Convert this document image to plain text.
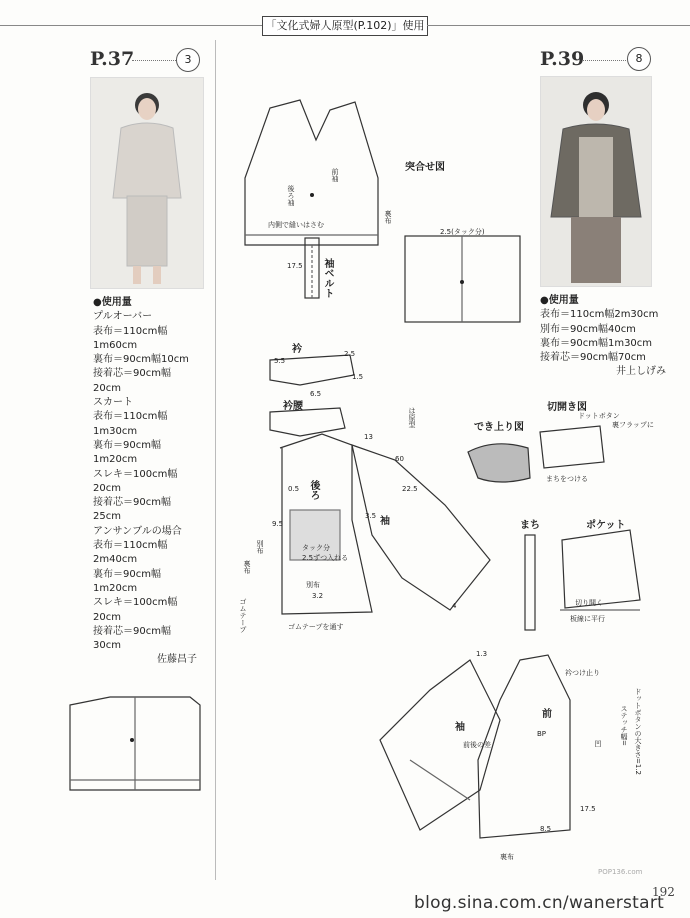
「文化式婦人原型(P.102)」使用
P.37	3
●使用量
プルオーバー
表布＝110cm幅1m60cm
裏布＝90cm幅10cm
接着芯＝90cm幅20cm
スカート
表布＝110cm幅1m30cm
裏布＝90cm幅1m20cm
スレキ＝100cm幅20cm
接着芯＝90cm幅25cm
アンサンブルの場合
表布＝110cm幅2m40cm
裏布＝90cm幅1m20cm
スレキ＝100cm幅20cm
接着芯＝90cm幅30cm
佐藤昌子
P.39	8
●使用量
表布＝110cm幅2m30cm
別布＝90cm幅40cm
裏布＝90cm幅1m30cm
接着芯＝90cm幅70cm
井上しげみ
突合せ図
後ろ袖
前袖
内側で縫いはさむ
袖ベルト
裏布
2.5(タック分)
衿
衿腰
は原型
後ろ
袖
タック分
2.5ずつ入れる
別布
裏布
別布
ゴムテープ	ゴムテープを通す
でき上り図
切開き図
ドットボタン
裏フラップに
まちをつける
まち	ポケット
切り開く
板線に平行
衿つけ止り
前
袖
前後の差
BP	ドットボタンの大きさ=1.2
ステッチ幅=
凹
裏布
5.5
2.5
1.5
6.5
17.5
0.5
60
13
22.5
3.5
9.5
4
3.2
1.3
8.5
17.5
blog.sina.com.cn/wanerstart
POP136.com
192
